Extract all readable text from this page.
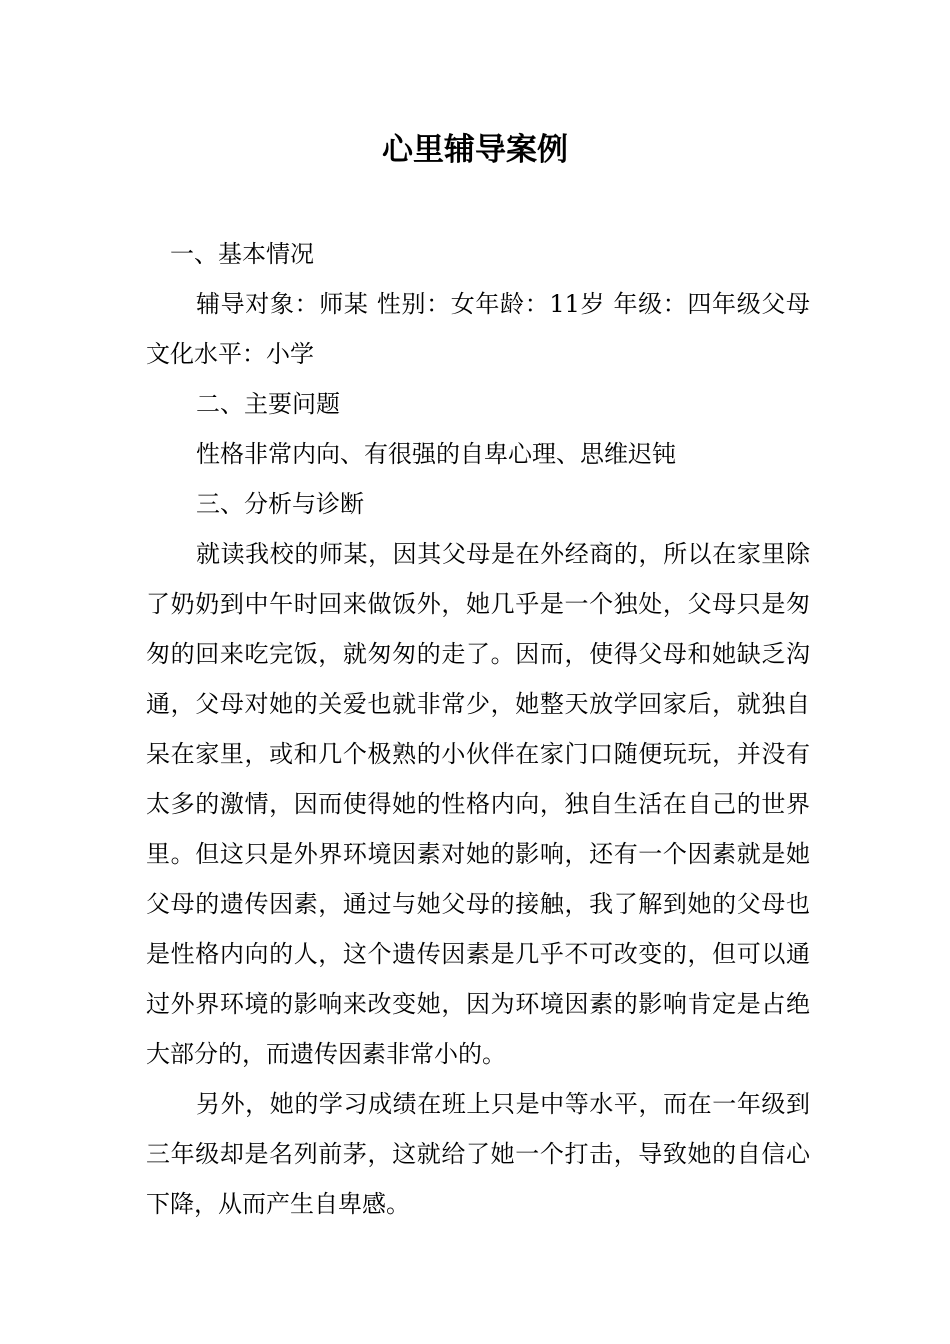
心里辅导案例

一、基本情况

辅导对象：师某 性别：女年龄：11岁 年级：四年级父母文化水平：小学

二、主要问题

性格非常内向、有很强的自卑心理、思维迟钝

三、分析与诊断

就读我校的师某，因其父母是在外经商的，所以在家里除了奶奶到中午时回来做饭外，她几乎是一个独处，父母只是匆匆的回来吃完饭，就匆匆的走了。因而，使得父母和她缺乏沟通，父母对她的关爱也就非常少，她整天放学回家后，就独自呆在家里，或和几个极熟的小伙伴在家门口随便玩玩，并没有太多的激情，因而使得她的性格内向，独自生活在自己的世界里。但这只是外界环境因素对她的影响，还有一个因素就是她父母的遗传因素，通过与她父母的接触，我了解到她的父母也是性格内向的人，这个遗传因素是几乎不可改变的，但可以通过外界环境的影响来改变她，因为环境因素的影响肯定是占绝大部分的，而遗传因素非常小的。

另外，她的学习成绩在班上只是中等水平，而在一年级到三年级却是名列前茅，这就给了她一个打击，导致她的自信心下降，从而产生自卑感。
